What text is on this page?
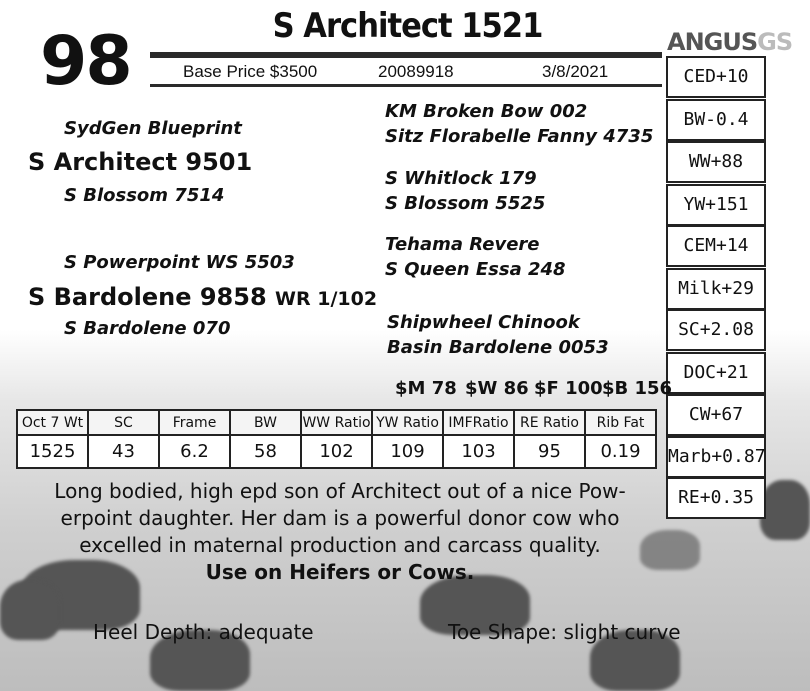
98	S Architect 1521
Base Price $3500	20089918	3/8/2021
ANGUSGS
CED+10
BW-0.4
WW+88
YW+151
CEM+14
Milk+29
SC+2.08
DOC+21
CW+67
Marb+0.87
RE+0.35
SydGen Blueprint
S Architect 9501
S Blossom 7514
S Powerpoint WS 5503
S Bardolene 9858 WR 1/102
S Bardolene 070
KM Broken Bow 002
Sitz Florabelle Fanny 4735
S Whitlock 179
S Blossom 5525
Tehama Revere
S Queen Essa 248
Shipwheel Chinook
Basin Bardolene 0053
$M 78 $W 86 $F 100 $B 156
Oct 7 Wt	SC	Frame	BW	WW Ratio	YW Ratio	IMFRatio	RE Ratio	Rib Fat
1525	43	6.2	58	102	109	103	95	0.19
Long bodied, high epd son of Architect out of a nice Pow-
erpoint daughter. Her dam is a powerful donor cow who
excelled in maternal production and carcass quality.
Use on Heifers or Cows.
Heel Depth: adequate	Toe Shape: slight curve
